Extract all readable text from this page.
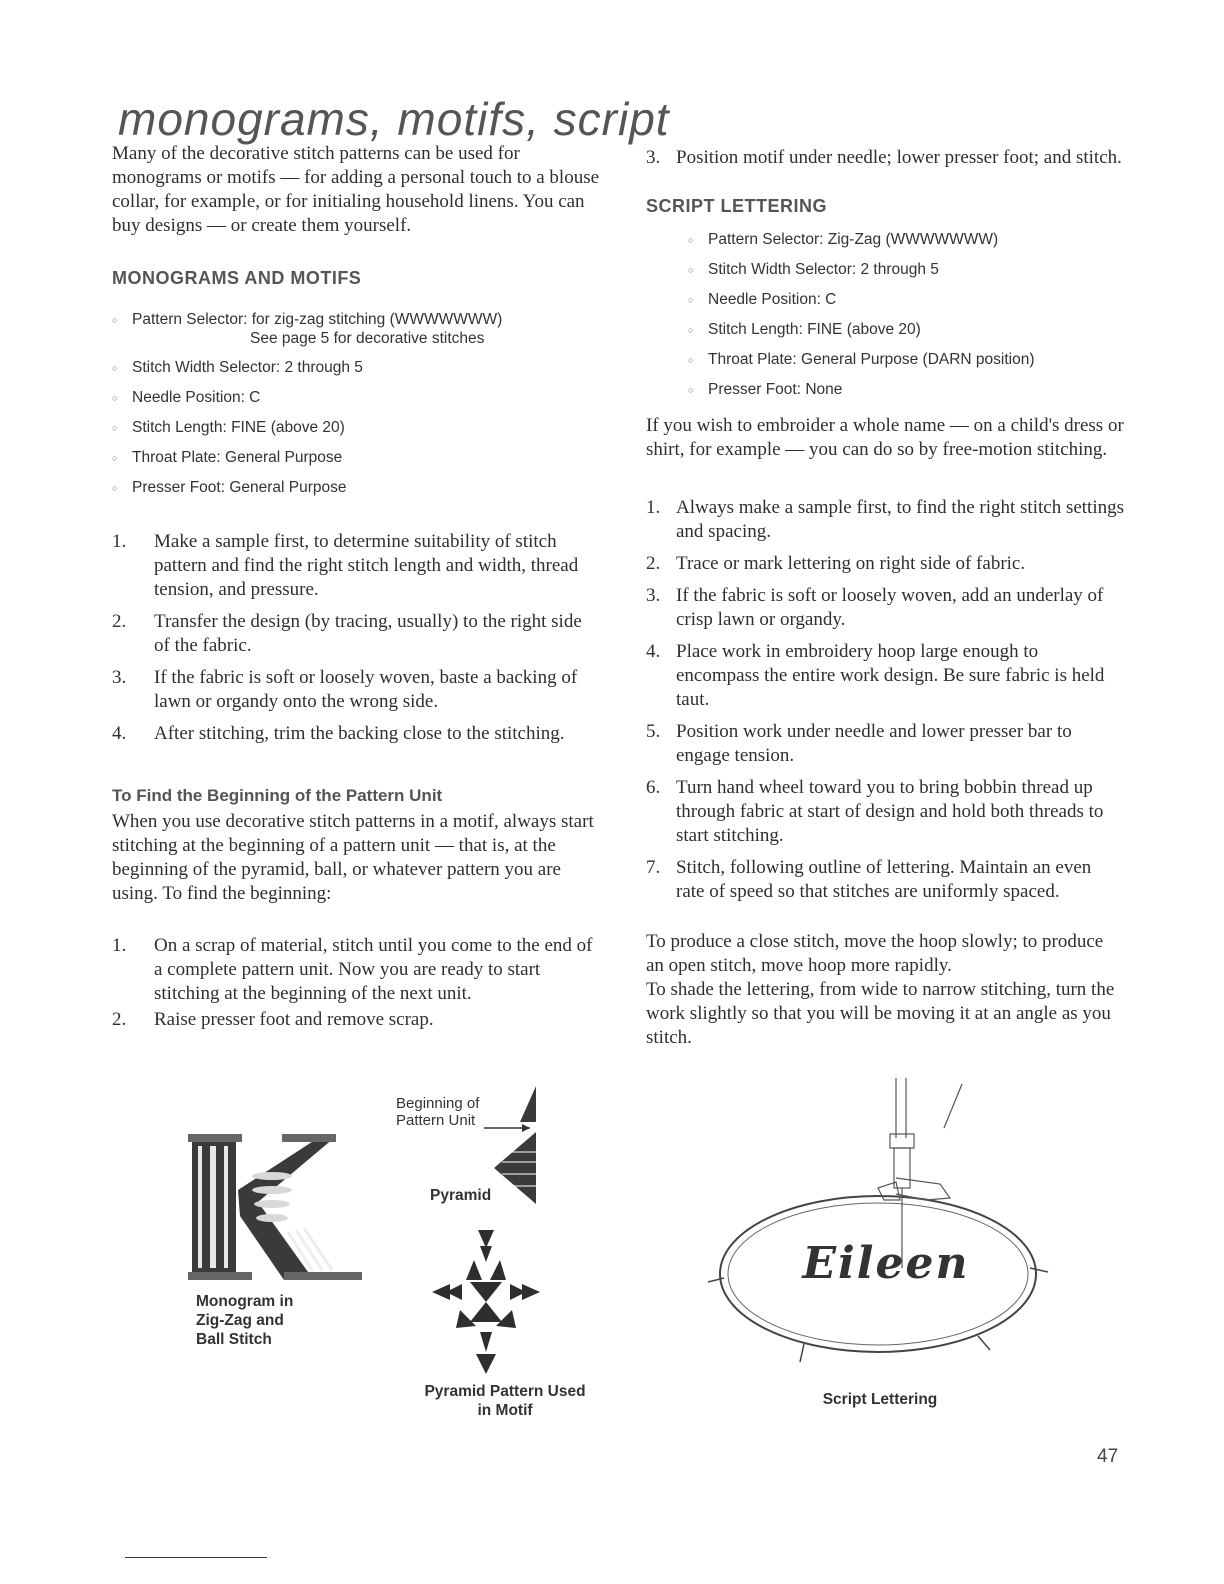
monograms, motifs, script
Many of the decorative stitch patterns can be used for monograms or motifs — for adding a personal touch to a blouse collar, for example, or for initialing household linens. You can buy designs — or create them yourself.
MONOGRAMS AND MOTIFS
○ Pattern Selector: for zig-zag stitching (WWWWWWW)
See page 5 for decorative stitches
○ Stitch Width Selector: 2 through 5
○ Needle Position: C
○ Stitch Length: FINE (above 20)
○ Throat Plate: General Purpose
○ Presser Foot: General Purpose
1. Make a sample first, to determine suitability of stitch pattern and find the right stitch length and width, thread tension, and pressure.
2. Transfer the design (by tracing, usually) to the right side of the fabric.
3. If the fabric is soft or loosely woven, baste a backing of lawn or organdy onto the wrong side.
4. After stitching, trim the backing close to the stitching.
To Find the Beginning of the Pattern Unit
When you use decorative stitch patterns in a motif, always start stitching at the beginning of a pattern unit — that is, at the beginning of the pyramid, ball, or whatever pattern you are using. To find the beginning:
1. On a scrap of material, stitch until you come to the end of a complete pattern unit. Now you are ready to start stitching at the beginning of the next unit.
2. Raise presser foot and remove scrap.
3. Position motif under needle; lower presser foot; and stitch.
SCRIPT LETTERING
○ Pattern Selector: Zig-Zag (WWWWWWW)
○ Stitch Width Selector: 2 through 5
○ Needle Position: C
○ Stitch Length: FINE (above 20)
○ Throat Plate: General Purpose (DARN position)
○ Presser Foot: None
If you wish to embroider a whole name — on a child's dress or shirt, for example — you can do so by free-motion stitching.
1. Always make a sample first, to find the right stitch settings and spacing.
2. Trace or mark lettering on right side of fabric.
3. If the fabric is soft or loosely woven, add an underlay of crisp lawn or organdy.
4. Place work in embroidery hoop large enough to encompass the entire work design. Be sure fabric is held taut.
5. Position work under needle and lower presser bar to engage tension.
6. Turn hand wheel toward you to bring bobbin thread up through fabric at start of design and hold both threads to start stitching.
7. Stitch, following outline of lettering. Maintain an even rate of speed so that stitches are uniformly spaced.
To produce a close stitch, move the hoop slowly; to produce an open stitch, move hoop more rapidly.
To shade the lettering, from wide to narrow stitching, turn the work slightly so that you will be moving it at an angle as you stitch.
Monogram in Zig-Zag and Ball Stitch
Beginning of Pattern Unit
Pyramid
Pyramid Pattern Used in Motif
Eileen
Script Lettering
47
